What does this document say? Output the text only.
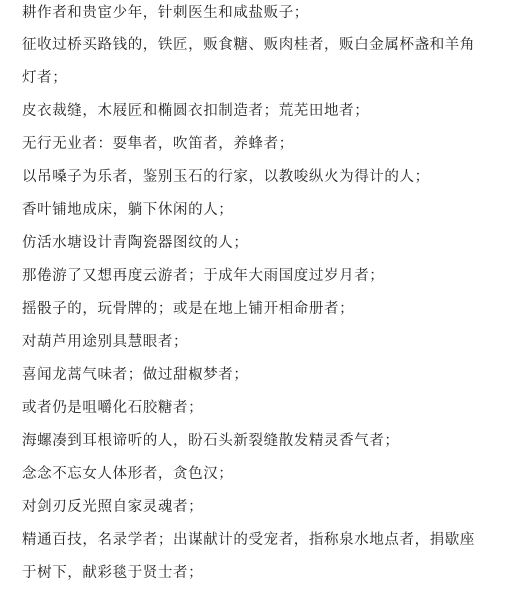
耕作者和贵宦少年，针刺医生和咸盐贩子；

征收过桥买路钱的，铁匠，贩食糖、贩肉桂者，贩白金属杯盏和羊角

灯者；

皮衣裁缝，木屐匠和椭圆衣扣制造者；荒芜田地者；

无行无业者：耍隼者，吹笛者，养蜂者；

以吊嗓子为乐者，鉴别玉石的行家，以教唆纵火为得计的人；

香叶铺地成床，躺下休闲的人；

仿活水塘设计青陶瓷器图纹的人；

那倦游了又想再度云游者；于成年大雨国度过岁月者；

摇骰子的，玩骨牌的；或是在地上铺开相命册者；

对葫芦用途别具慧眼者；

喜闻龙蒿气味者；做过甜椒梦者；

或者仍是咀嚼化石胶糖者；

海螺凑到耳根谛听的人，盼石头新裂缝散发精灵香气者；

念念不忘女人体形者，贪色汉；

对剑刃反光照自家灵魂者；

精通百技，名录学者；出谋献计的受宠者，指称泉水地点者，捐歇座

于树下，献彩毯于贤士者；
